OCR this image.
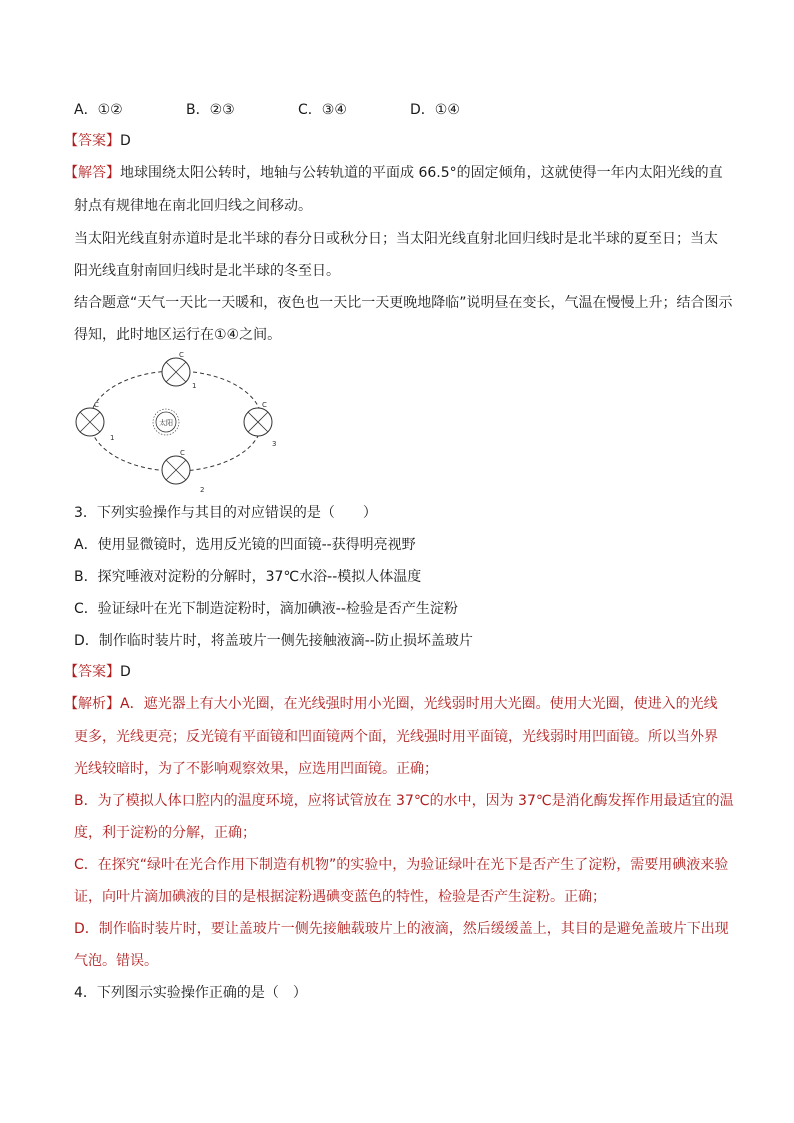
A．①②	B．②③	C．③④	D．①④
【答案】D
【解答】地球围绕太阳公转时，地轴与公转轨道的平面成 66.5°的固定倾角，这就使得一年内太阳光线的直
射点有规律地在南北回归线之间移动。
当太阳光线直射赤道时是北半球的春分日或秋分日；当太阳光线直射北回归线时是北半球的夏至日；当太
阳光线直射南回归线时是北半球的冬至日。
结合题意“天气一天比一天暖和，夜色也一天比一天更晚地降临”说明昼在变长，气温在慢慢上升；结合图示
得知，此时地区运行在①④之间。
太阳
C
1
C
1
C
3
C
2
3．下列实验操作与其目的对应错误的是（　　）
A．使用显微镜时，选用反光镜的凹面镜--获得明亮视野
B．探究唾液对淀粉的分解时，37℃水浴--模拟人体温度
C．验证绿叶在光下制造淀粉时，滴加碘液--检验是否产生淀粉
D．制作临时装片时，将盖玻片一侧先接触液滴--防止损坏盖玻片
【答案】D
【解析】A．遮光器上有大小光圈，在光线强时用小光圈，光线弱时用大光圈。使用大光圈，使进入的光线
更多，光线更亮；反光镜有平面镜和凹面镜两个面，光线强时用平面镜，光线弱时用凹面镜。所以当外界
光线较暗时，为了不影响观察效果，应选用凹面镜。正确；
B．为了模拟人体口腔内的温度环境，应将试管放在 37℃的水中，因为 37℃是消化酶发挥作用最适宜的温
度，利于淀粉的分解，正确；
C．在探究“绿叶在光合作用下制造有机物”的实验中，为验证绿叶在光下是否产生了淀粉，需要用碘液来验
证，向叶片滴加碘液的目的是根据淀粉遇碘变蓝色的特性，检验是否产生淀粉。正确；
D．制作临时装片时，要让盖玻片一侧先接触载玻片上的液滴，然后缓缓盖上，其目的是避免盖玻片下出现
气泡。错误。
4．下列图示实验操作正确的是（　）
